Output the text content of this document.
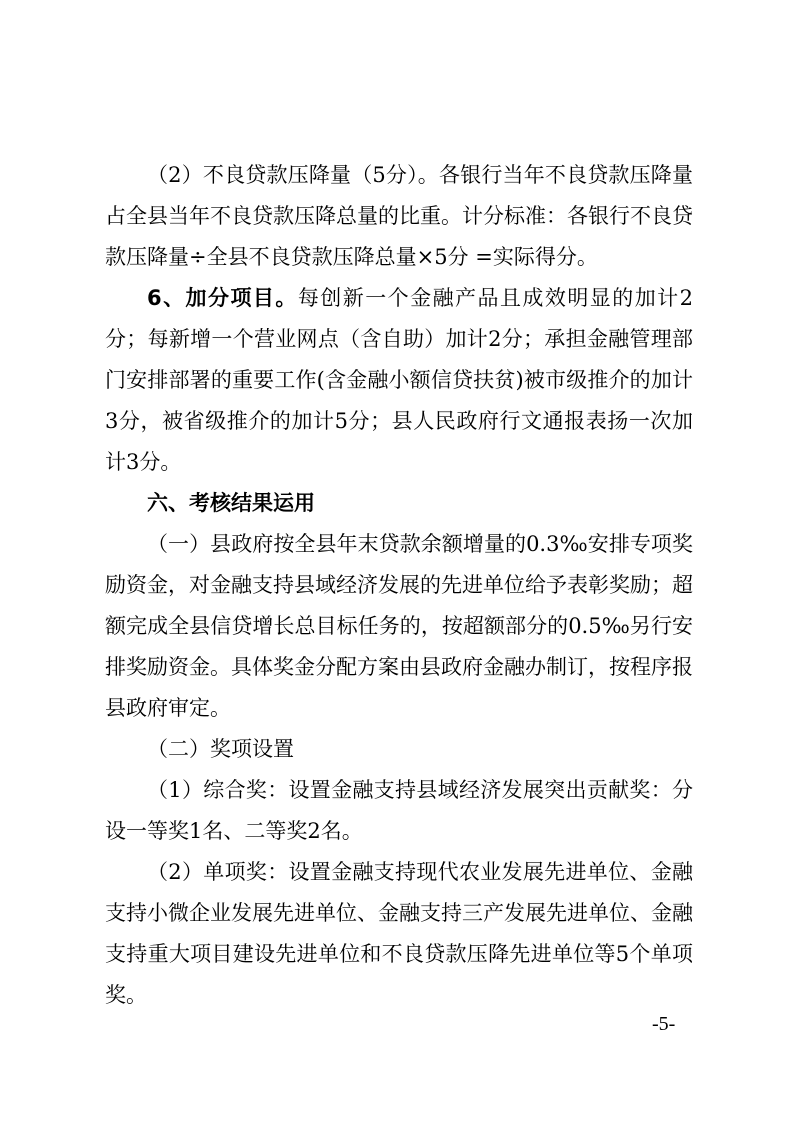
（2）不良贷款压降量（5分）。各银行当年不良贷款压降量占全县当年不良贷款压降总量的比重。计分标准：各银行不良贷款压降量÷全县不良贷款压降总量×5分 =实际得分。

6、加分项目。每创新一个金融产品且成效明显的加计2分；每新增一个营业网点（含自助）加计2分；承担金融管理部门安排部署的重要工作(含金融小额信贷扶贫)被市级推介的加计3分，被省级推介的加计5分；县人民政府行文通报表扬一次加计3分。

六、考核结果运用

（一）县政府按全县年末贷款余额增量的0.3‰安排专项奖励资金，对金融支持县域经济发展的先进单位给予表彰奖励；超额完成全县信贷增长总目标任务的，按超额部分的0.5‰另行安排奖励资金。具体奖金分配方案由县政府金融办制订，按程序报县政府审定。

（二）奖项设置

（1）综合奖：设置金融支持县域经济发展突出贡献奖：分设一等奖1名、二等奖2名。

（2）单项奖：设置金融支持现代农业发展先进单位、金融支持小微企业发展先进单位、金融支持三产发展先进单位、金融支持重大项目建设先进单位和不良贷款压降先进单位等5个单项奖。

-5-
